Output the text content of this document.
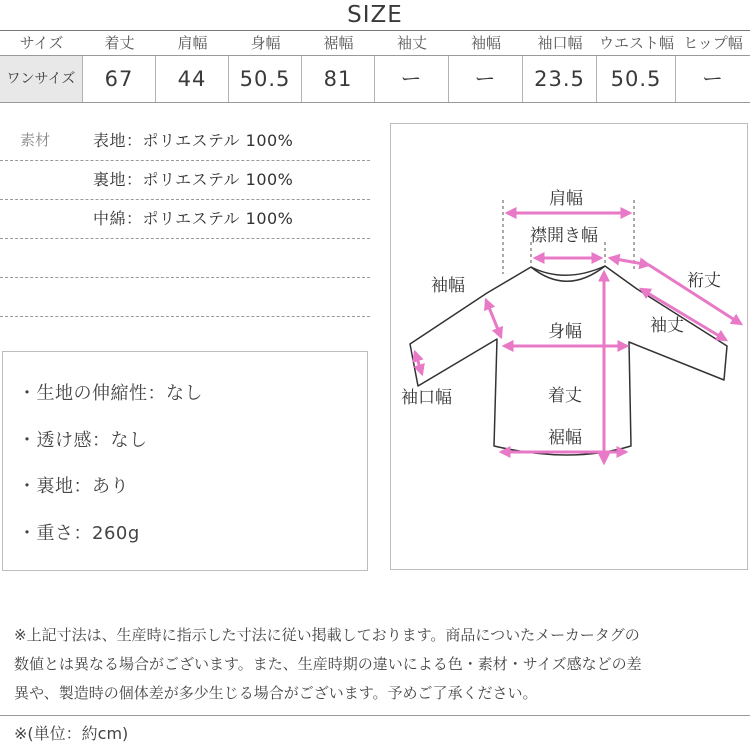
SIZE
サイズ	着丈	肩幅	身幅	裾幅	袖丈	袖幅	袖口幅	ウエスト幅 ヒップ幅
ワンサイズ	67	44	50.5	81	ー	ー	23.5	50.5	ー
素材	表地：ポリエステル 100%
裏地：ポリエステル 100%
中綿：ポリエステル 100%
・生地の伸縮性：なし
・透け感：なし
・裏地：あり
・重さ：260g
肩幅
襟開き幅
袖幅	裄丈
袖丈
身幅
袖口幅	着丈
裾幅
※上記寸法は、生産時に指示した寸法に従い掲載しております。商品についたメーカータグの
数値とは異なる場合がございます。また、生産時期の違いによる色・素材・サイズ感などの差
異や、製造時の個体差が多少生じる場合がございます。予めご了承ください。
※(単位：約cm)
